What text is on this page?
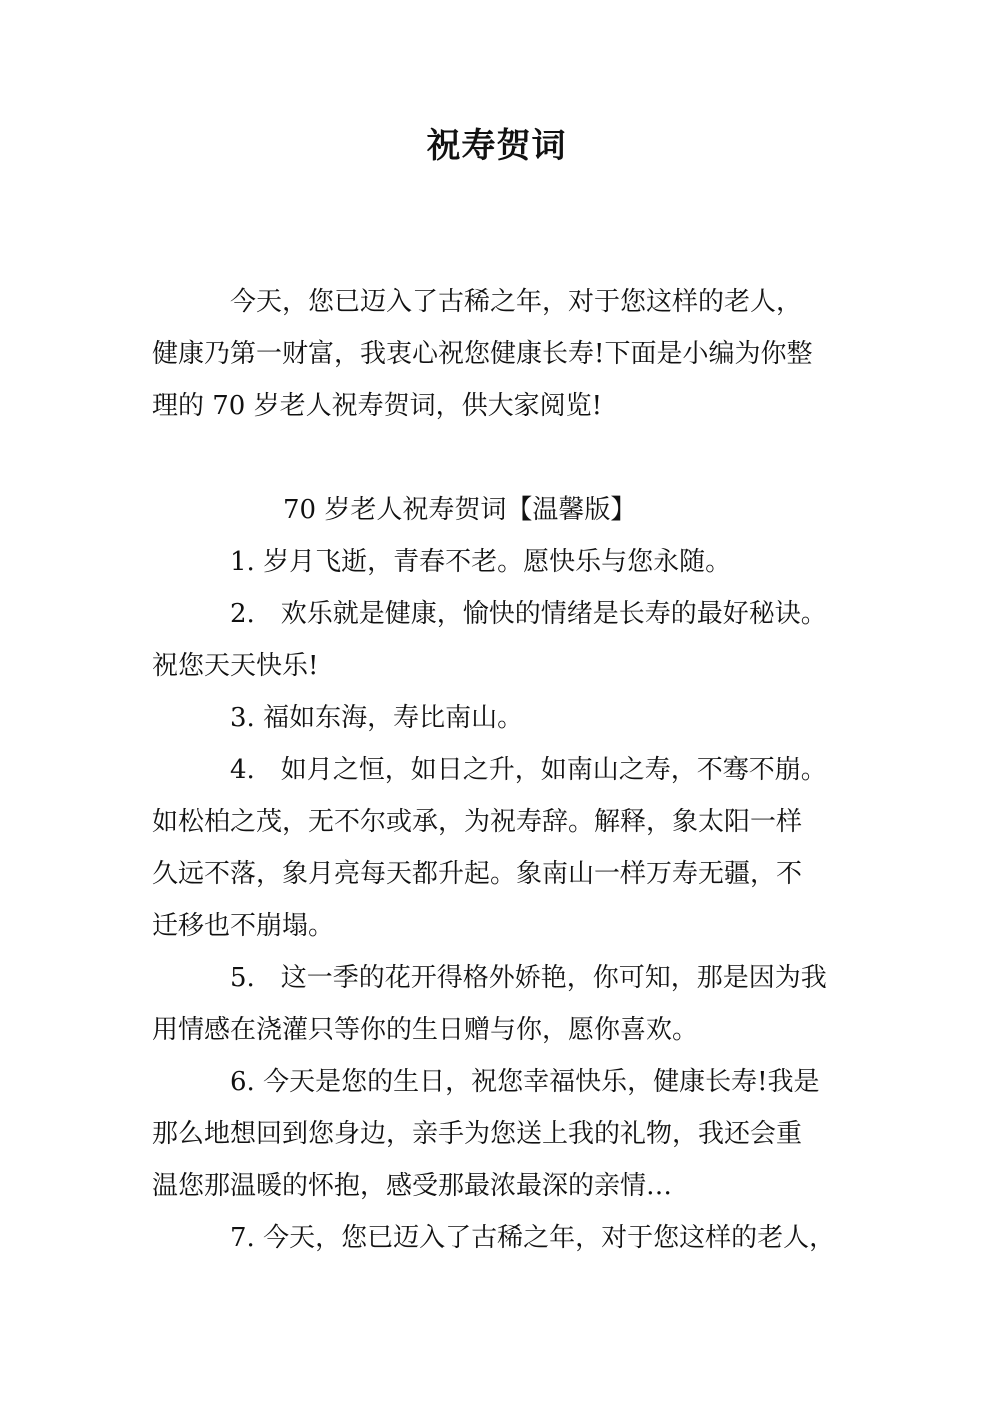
祝寿贺词

今天，您已迈入了古稀之年，对于您这样的老人，

健康乃第一财富，我衷心祝您健康长寿!下面是小编为你整

理的 70 岁老人祝寿贺词，供大家阅览!

70 岁老人祝寿贺词【温馨版】

1. 岁月飞逝，青春不老。愿快乐与您永随。

2.　欢乐就是健康，愉快的情绪是长寿的最好秘诀。

祝您天天快乐!

3. 福如东海，寿比南山。

4.　如月之恒，如日之升，如南山之寿，不骞不崩。

如松柏之茂，无不尔或承，为祝寿辞。解释，象太阳一样

久远不落，象月亮每天都升起。象南山一样万寿无疆，不

迁移也不崩塌。

5.　这一季的花开得格外娇艳，你可知，那是因为我

用情感在浇灌只等你的生日赠与你，愿你喜欢。

6. 今天是您的生日，祝您幸福快乐，健康长寿!我是

那么地想回到您身边，亲手为您送上我的礼物，我还会重

温您那温暖的怀抱，感受那最浓最深的亲情…

7. 今天，您已迈入了古稀之年，对于您这样的老人，
